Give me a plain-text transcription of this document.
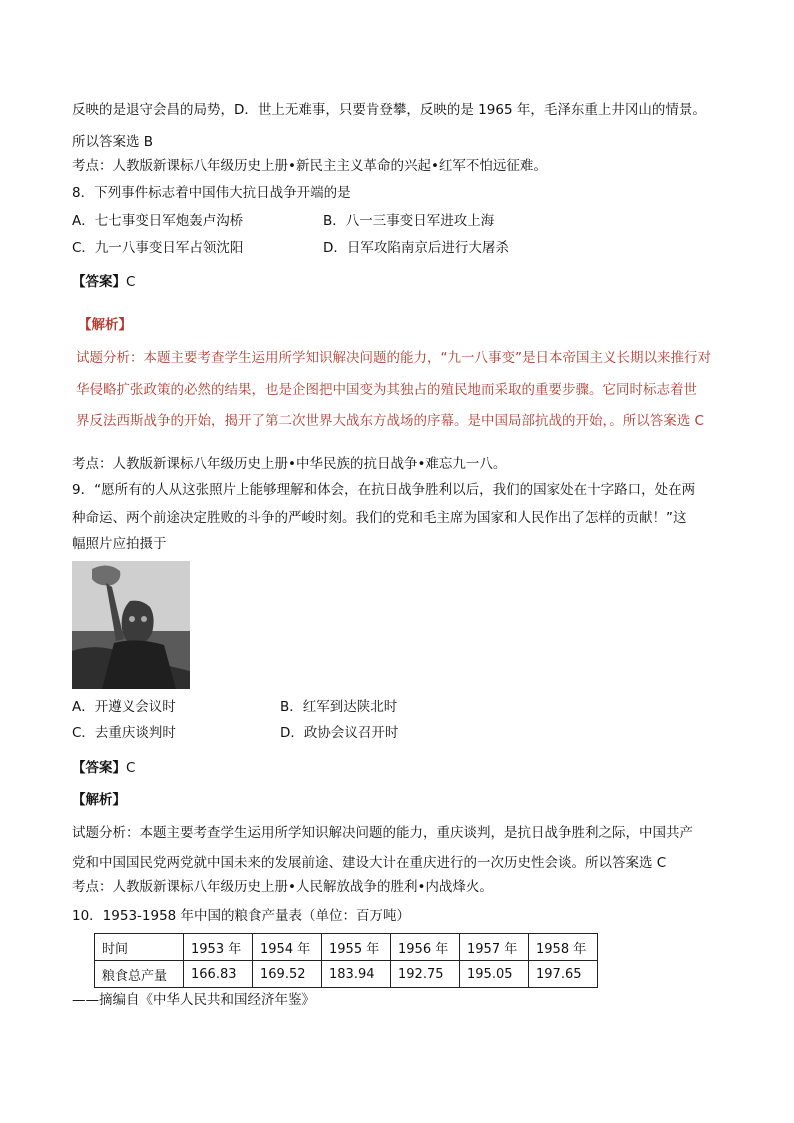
反映的是退守会昌的局势，D．世上无难事，只要肯登攀，反映的是 1965 年，毛泽东重上井冈山的情景。
所以答案选 B
考点：人教版新课标八年级历史上册•新民主主义革命的兴起•红军不怕远征难。
8．下列事件标志着中国伟大抗日战争开端的是
A．七七事变日军炮轰卢沟桥	B．八一三事变日军进攻上海
C．九一八事变日军占领沈阳	D．日军攻陷南京后进行大屠杀
【答案】C
【解析】
试题分析：本题主要考查学生运用所学知识解决问题的能力，“九一八事变”是日本帝国主义长期以来推行对
华侵略扩张政策的必然的结果，也是企图把中国变为其独占的殖民地而采取的重要步骤。它同时标志着世
界反法西斯战争的开始，揭开了第二次世界大战东方战场的序幕。是中国局部抗战的开始，。所以答案选 C
考点：人教版新课标八年级历史上册•中华民族的抗日战争•难忘九一八。
9．“愿所有的人从这张照片上能够理解和体会，在抗日战争胜利以后，我们的国家处在十字路口，处在两
种命运、两个前途决定胜败的斗争的严峻时刻。我们的党和毛主席为国家和人民作出了怎样的贡献！”这
幅照片应拍摄于
A．开遵义会议时	B．红军到达陕北时
C．去重庆谈判时	D．政协会议召开时
【答案】C
【解析】
试题分析：本题主要考查学生运用所学知识解决问题的能力，重庆谈判，是抗日战争胜利之际，中国共产
党和中国国民党两党就中国未来的发展前途、建设大计在重庆进行的一次历史性会谈。所以答案选 C
考点：人教版新课标八年级历史上册•人民解放战争的胜利•内战烽火。
10．1953-1958 年中国的粮食产量表（单位：百万吨）
时间	1953 年	1954 年	1955 年	1956 年	1957 年	1958 年
粮食总产量	166.83	169.52	183.94	192.75	195.05	197.65
——摘编自《中华人民共和国经济年鉴》
